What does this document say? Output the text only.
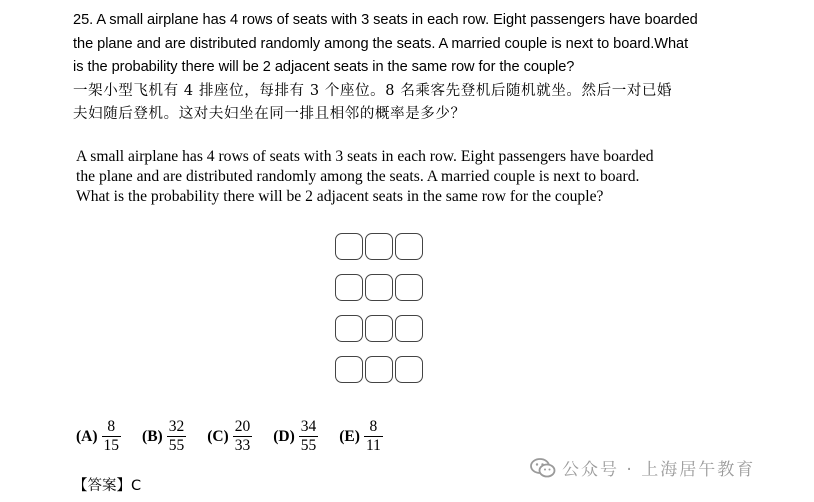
25. A small airplane has 4 rows of seats with 3 seats in each row. Eight passengers have boarded
the plane and are distributed randomly among the seats. A married couple is next to board.What
is the probability there will be 2 adjacent seats in the same row for the couple?
一架小型飞机有 4 排座位，每排有 3 个座位。8 名乘客先登机后随机就坐。然后一对已婚
夫妇随后登机。这对夫妇坐在同一排且相邻的概率是多少？

A small airplane has 4 rows of seats with 3 seats in each row. Eight passengers have boarded

the plane and are distributed randomly among the seats. A married couple is next to board.

What is the probability there will be 2 adjacent seats in the same row for the couple?

$(A) \frac{8}{15} (B) \frac{32}{55} (C) \frac{20}{33} (D) \frac{34}{55} (E) \frac{8}{11}$
【答案】C
公众号 · 上海居午教育
